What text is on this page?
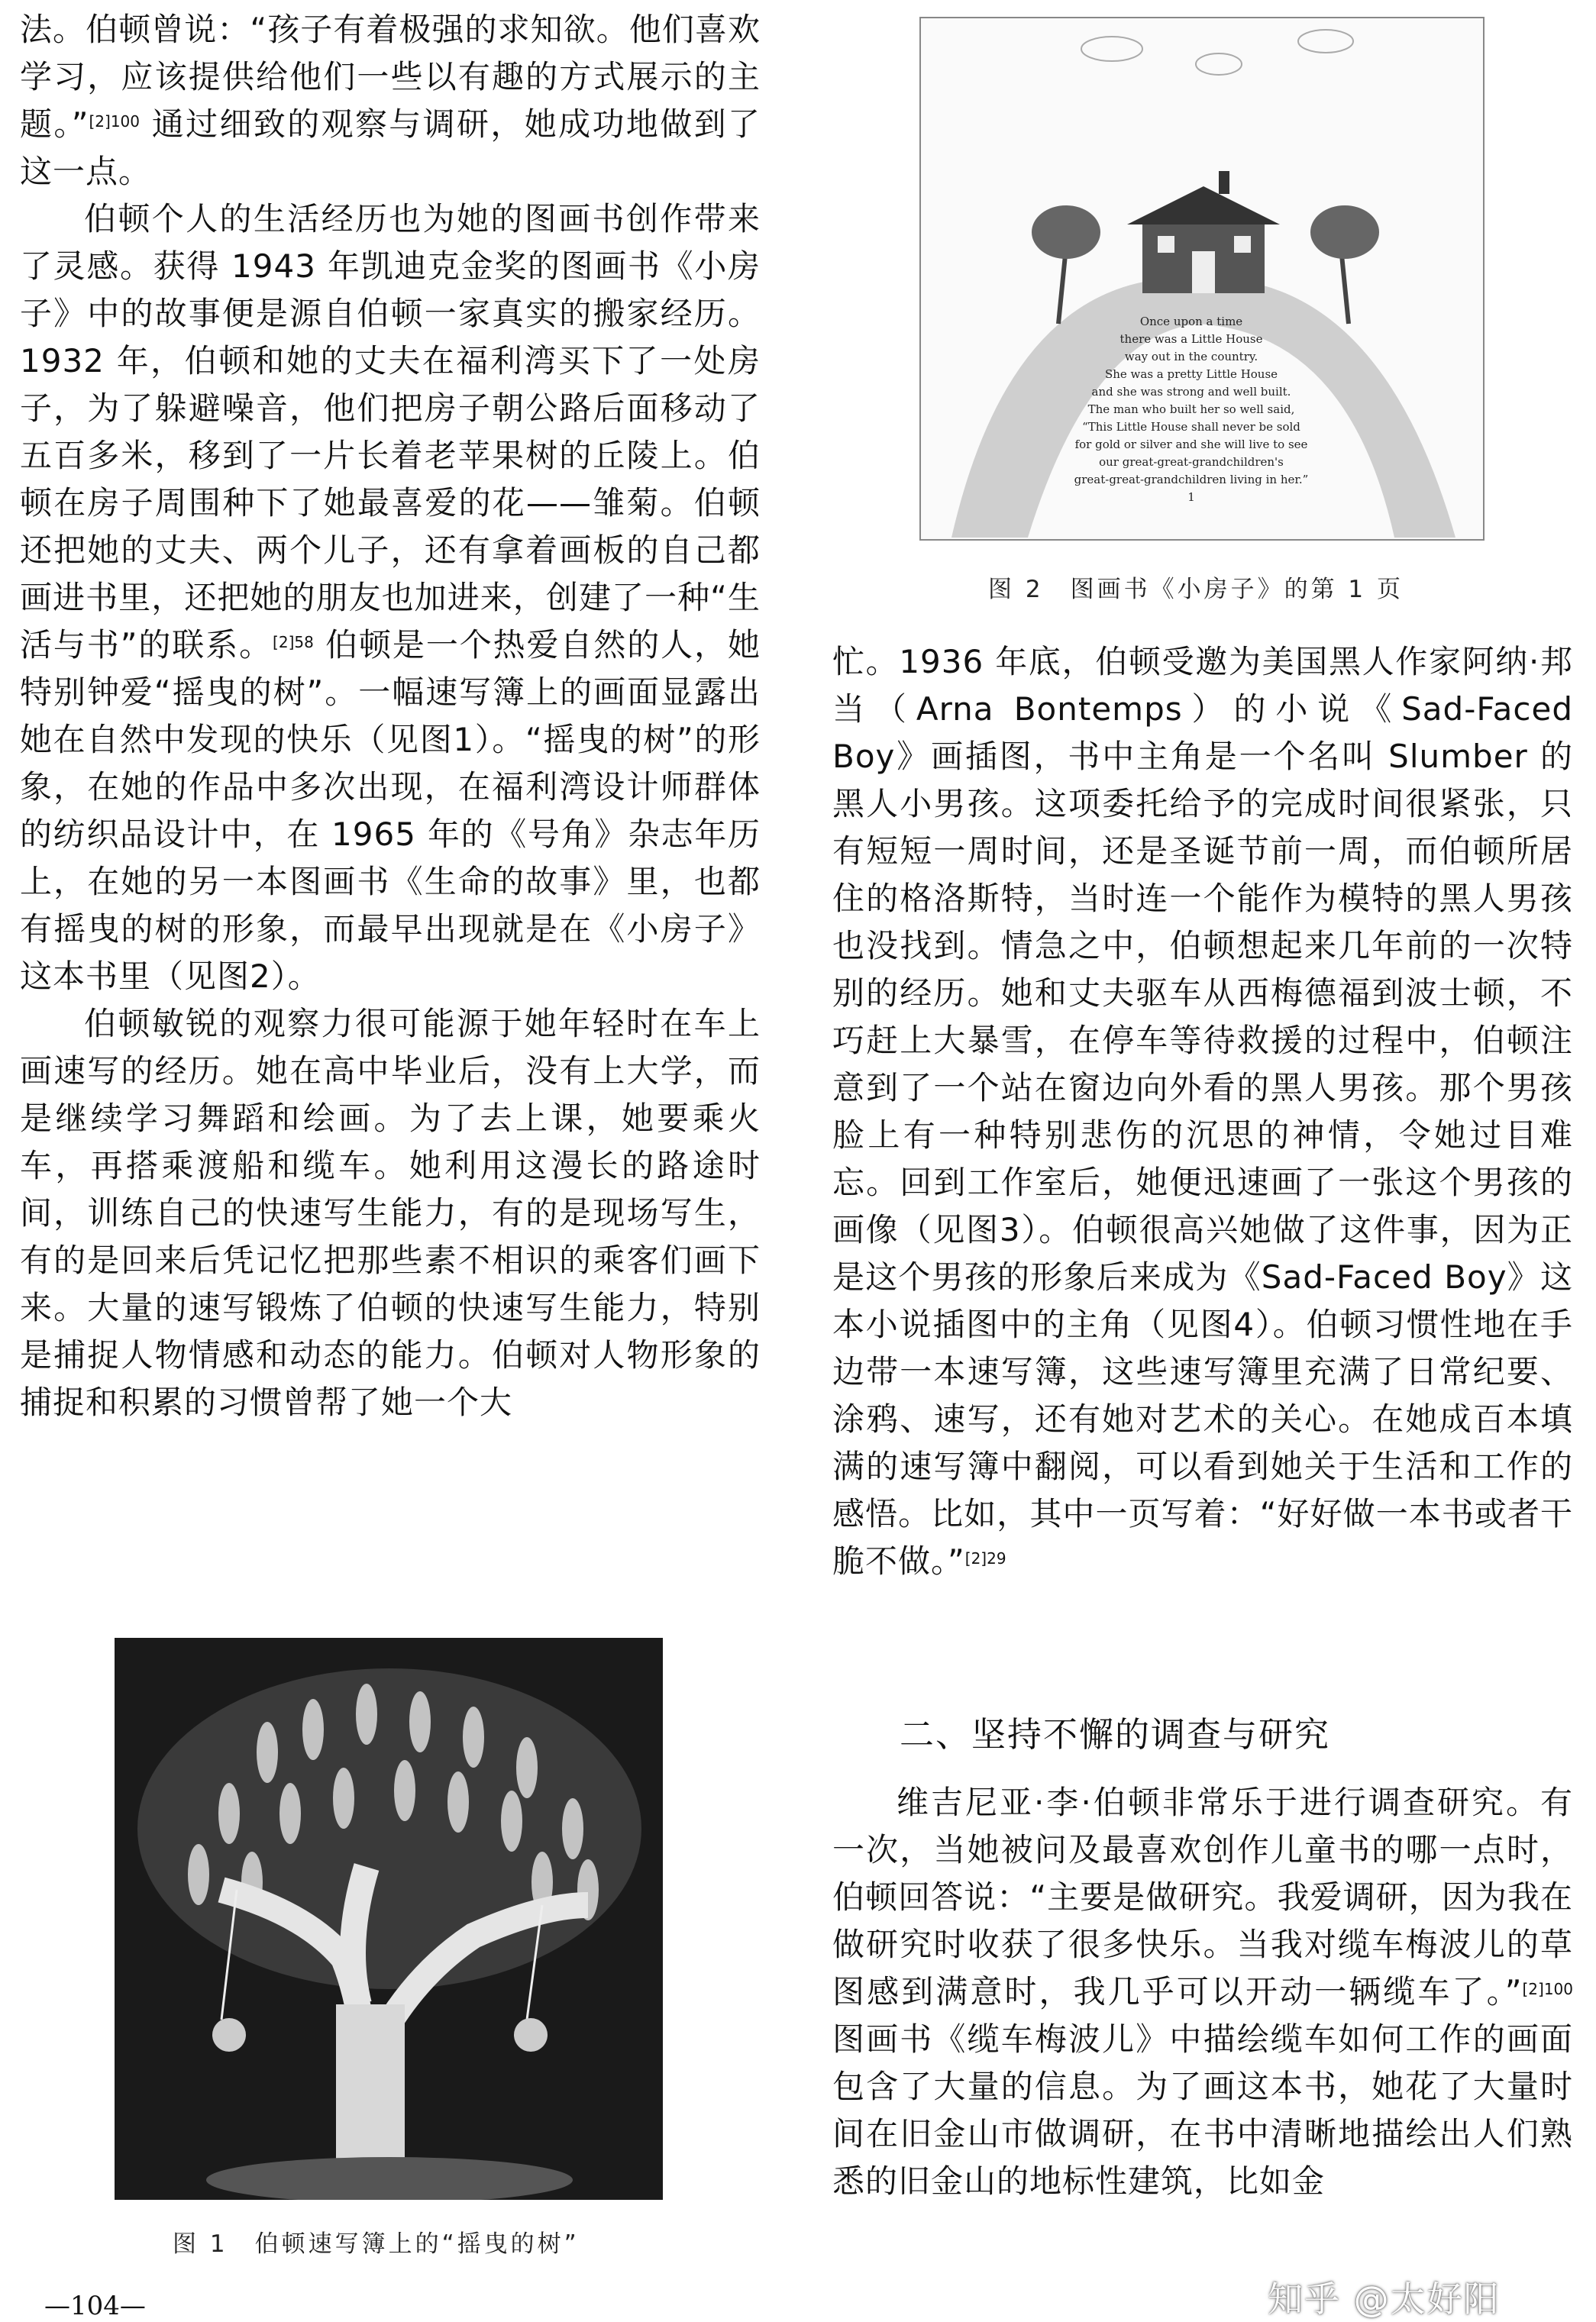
法。伯顿曾说：“孩子有着极强的求知欲。他们喜欢学习，应该提供给他们一些以有趣的方式展示的主题。”$^{[2]100}$ 通过细致的观察与调研，她成功地做到了这一点。

伯顿个人的生活经历也为她的图画书创作带来了灵感。获得 1943 年凯迪克金奖的图画书《小房子》中的故事便是源自伯顿一家真实的搬家经历。1932 年，伯顿和她的丈夫在福利湾买下了一处房子，为了躲避噪音，他们把房子朝公路后面移动了五百多米，移到了一片长着老苹果树的丘陵上。伯顿在房子周围种下了她最喜爱的花——雏菊。伯顿还把她的丈夫、两个儿子，还有拿着画板的自己都画进书里，还把她的朋友也加进来，创建了一种“生活与书”的联系。$^{[2]58}$ 伯顿是一个热爱自然的人，她特别钟爱“摇曳的树”。一幅速写簿上的画面显露出她在自然中发现的快乐（见图1）。“摇曳的树”的形象，在她的作品中多次出现，在福利湾设计师群体的纺织品设计中，在 1965 年的《号角》杂志年历上，在她的另一本图画书《生命的故事》里，也都有摇曳的树的形象，而最早出现就是在《小房子》这本书里（见图2）。

伯顿敏锐的观察力很可能源于她年轻时在车上画速写的经历。她在高中毕业后，没有上大学，而是继续学习舞蹈和绘画。为了去上课，她要乘火车，再搭乘渡船和缆车。她利用这漫长的路途时间，训练自己的快速写生能力，有的是现场写生，有的是回来后凭记忆把那些素不相识的乘客们画下来。大量的速写锻炼了伯顿的快速写生能力，特别是捕捉人物情感和动态的能力。伯顿对人物形象的捕捉和积累的习惯曾帮了她一个大

图 1　伯顿速写簿上的“摇曳的树”
Once upon a time
there was a Little House
way out in the country.
She was a pretty Little House
and she was strong and well built.
The man who built her so well said,
“This Little House shall never be sold
for gold or silver and she will live to see
our great-great-grandchildren's
great-great-grandchildren living in her.”
1
图 2　图画书《小房子》的第 1 页

忙。1936 年底，伯顿受邀为美国黑人作家阿纳·邦当（Arna Bontemps）的小说《Sad-Faced Boy》画插图，书中主角是一个名叫 Slumber 的黑人小男孩。这项委托给予的完成时间很紧张，只有短短一周时间，还是圣诞节前一周，而伯顿所居住的格洛斯特，当时连一个能作为模特的黑人男孩也没找到。情急之中，伯顿想起来几年前的一次特别的经历。她和丈夫驱车从西梅德福到波士顿，不巧赶上大暴雪，在停车等待救援的过程中，伯顿注意到了一个站在窗边向外看的黑人男孩。那个男孩脸上有一种特别悲伤的沉思的神情，令她过目难忘。回到工作室后，她便迅速画了一张这个男孩的画像（见图3）。伯顿很高兴她做了这件事，因为正是这个男孩的形象后来成为《Sad-Faced Boy》这本小说插图中的主角（见图4）。伯顿习惯性地在手边带一本速写簿，这些速写簿里充满了日常纪要、涂鸦、速写，还有她对艺术的关心。在她成百本填满的速写簿中翻阅，可以看到她关于生活和工作的感悟。比如，其中一页写着：“好好做一本书或者干脆不做。”$^{[2]29}$

二、坚持不懈的调查与研究

维吉尼亚·李·伯顿非常乐于进行调查研究。有一次，当她被问及最喜欢创作儿童书的哪一点时，伯顿回答说：“主要是做研究。我爱调研，因为我在做研究时收获了很多快乐。当我对缆车梅波儿的草图感到满意时，我几乎可以开动一辆缆车了。”$^{[2]100}$ 图画书《缆车梅波儿》中描绘缆车如何工作的画面包含了大量的信息。为了画这本书，她花了大量时间在旧金山市做调研，在书中清晰地描绘出人们熟悉的旧金山的地标性建筑，比如金

—104—	知乎 @太好阳
